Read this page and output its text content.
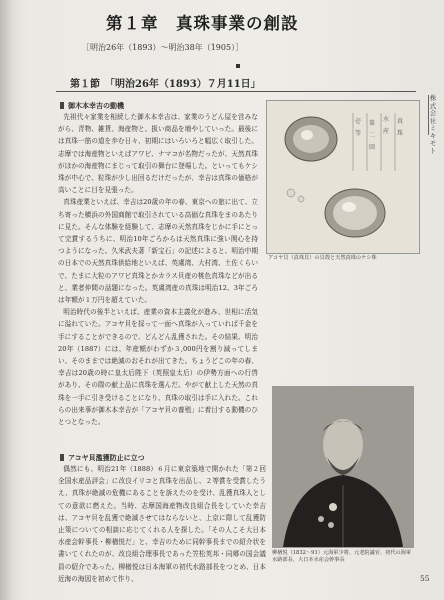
第１章　真珠事業の創設
［明治26年（1893）～明治38年（1905）］
第１節　「明治26年（1893）７月11日」
株式会社ミキモト
御木本幸吉の動機

先祖代々家業を相続した御木本幸吉は、家業のうどん屋を営みながら、青物、雑貨、海産物と、扱い商品を増やしていった。最後には真珠一筋の道を歩む日々、初期にはいろいろと幅広く取引した。志摩では海産物といえばアワビ、ナマコが名物だったが、天然真珠がほかの海産物にまじって取引の舞台に登場した。といってもケシ珠が中心で、粒珠が少し出回るだけだったが、幸吉は真珠の価格が高いことに目を見張った。

真珠産業といえば、幸吉は20歳の年の春、東京への旅に出て、立ち寄った横浜の外国商館で取引されている高価な真珠をまのあたりに見た。そんな体験を経験して、志摩の天然真珠をじかに手にとって完賞するうちに、明治10年ごろからは天然真珠に強い関心を持つようになった。久米武夫著「新宝石」の記述によると、明治中期の日本での天然真珠供給地といえば、英虞湾、大村湾、土佐くらいで、たまに大粒のアワビ真珠とかカラス貝産の桃色真珠などが出ると、業者仲間の話題になった。英虞湾産の真珠は明治12、3年ごろは年額が１万円を超えていた。

明治時代の後半といえば、産業の資本主義化が進み、世相に活気に溢れていた。アコヤ貝を採って一面へ真珠が入っていれば千金を手にすることができるので、どんどん乱獲された。その結果、明治20年（1887）には、年産額がわずか３,000円を割り減ってしまい、そのままでは絶滅のおそれが出てきた。ちょうどこの年の春、幸吉は20歳の時に皇太后陛下（英照皇太后）の伊勢方面への行啓があり、その際の献上品に真珠を選んだ。やがて献上した天然の真珠を一手に引き受けることになり、真珠の取引は手に入れた。これらの出来事が御木本幸吉が「アコヤ貝の養殖」に着目する動機のひとつとなった。

壱
等
第
二
回
水
産
真
珠
アコヤ貝（真珠貝）の貝殻と天然真珠のケシ珠
アコヤ貝濫獲防止に立つ

偶然にも、明治21年（1888）６月に東京築地で開かれた「第２回全国水産品評会」に改良イリコと真珠を出品し、２等賞を受賞したうえ、真珠が絶滅の危機にあることを訴えたのを受け、乱獲真珠人としての意欲に燃えた。当時、志摩国海産物改良組合長をしていた幸吉は、アコヤ貝を乱獲で絶滅させてはならないと、上京に際して乱獲防止策についての相談に応じてくれる人を探した。「その人こそ大日本水産会幹事長・柳楢悦だ」と、幸吉のために同幹事長までの紹介状を書いてくれたのが、改良組合理事長であった笠松英邦・同郷の国会議員の紹介であった。柳楢悦は日本海軍の初代水路部長をつとめ、日本近海の海図を初めて作り、

柳楢悦（1832～91）元海軍少将、元老院議官、初代の海軍水路部長、大日本水産会幹事長
55
